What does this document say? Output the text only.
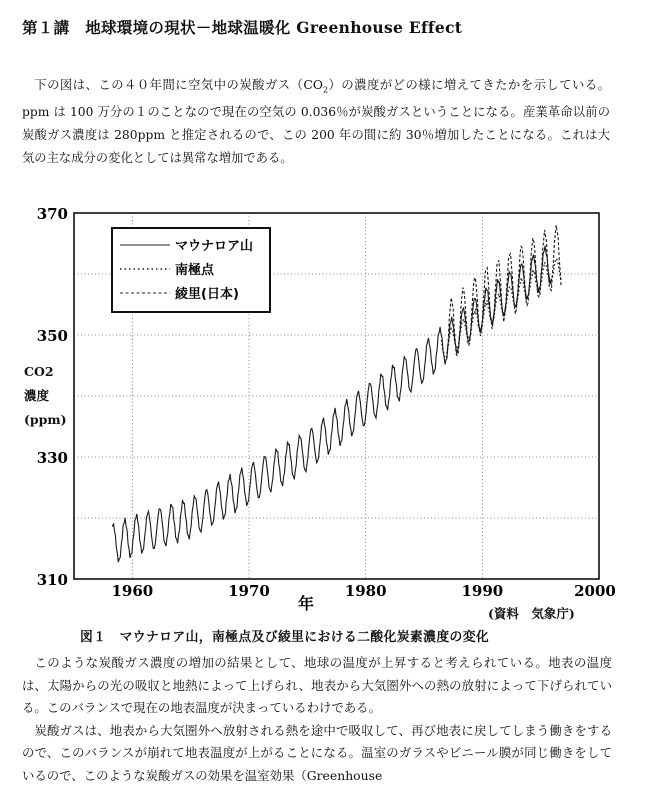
第１講　地球環境の現状－地球温暖化 Greenhouse Effect

下の図は、この４０年間に空気中の炭酸ガス$(CO_2)$の濃度がどの様に増えてきたかを示している。ppm は 100 万分の１のことなので現在の空気の 0.036％が炭酸ガスということになる。産業革命以前の炭酸ガス濃度は 280ppm と推定されるので、この 200 年の間に約 30％増加したことになる。これは大気の主な成分の変化としては異常な増加である。

370
350
330
310
1960	1970	1980	1990	2000
年
マウナロア山
南極点
綾里(日本)
CO2
濃度
(ppm)
(資料　気象庁)
図１　マウナロア山，南極点及び綾里における二酸化炭素濃度の変化

このような炭酸ガス濃度の増加の結果として、地球の温度が上昇すると考えられている。地表の温度は、太陽からの光の吸収と地熱によって上げられ、地表から大気圏外への熱の放射によって下げられている。このバランスで現在の地表温度が決まっているわけである。

炭酸ガスは、地表から大気圏外へ放射される熱を途中で吸収して、再び地表に戻してしまう働きをするので、このバランスが崩れて地表温度が上がることになる。温室のガラスやビニール膜が同じ働きをしているので、このような炭酸ガスの効果を温室効果（Greenhouse
